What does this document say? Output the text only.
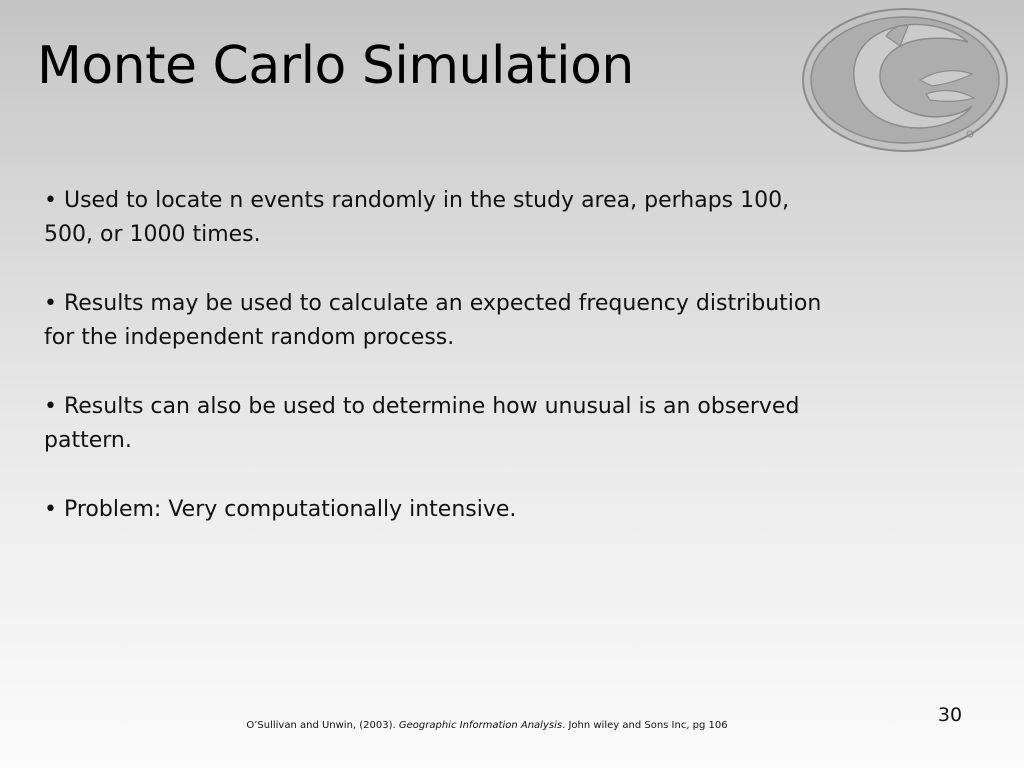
Monte Carlo Simulation
• Used to locate n events randomly in the study area, perhaps 100, 500, or 1000 times.
• Results may be used to calculate an expected frequency distribution for the independent random process.
• Results can also be used to determine how unusual is an observed pattern.
• Problem: Very computationally intensive.
30
O’Sullivan and Unwin, (2003). Geographic Information Analysis. John wiley and Sons Inc, pg 106
